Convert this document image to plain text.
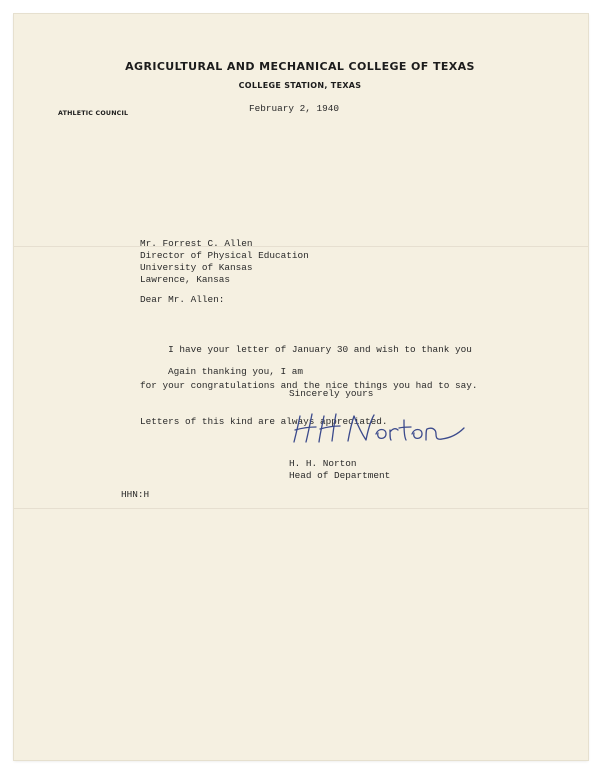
AGRICULTURAL AND MECHANICAL COLLEGE OF TEXAS
COLLEGE STATION, TEXAS
ATHLETIC COUNCIL	February 2, 1940
Mr. Forrest C. Allen
Director of Physical Education
University of Kansas
Lawrence, Kansas
Dear Mr. Allen:

I have your letter of January 30 and wish to thank you

for your congratulations and the nice things you had to say.

Letters of this kind are always appreciated.

Again thanking you, I am
Sincerely yours
H. H. Norton
Head of Department
HHN:H
